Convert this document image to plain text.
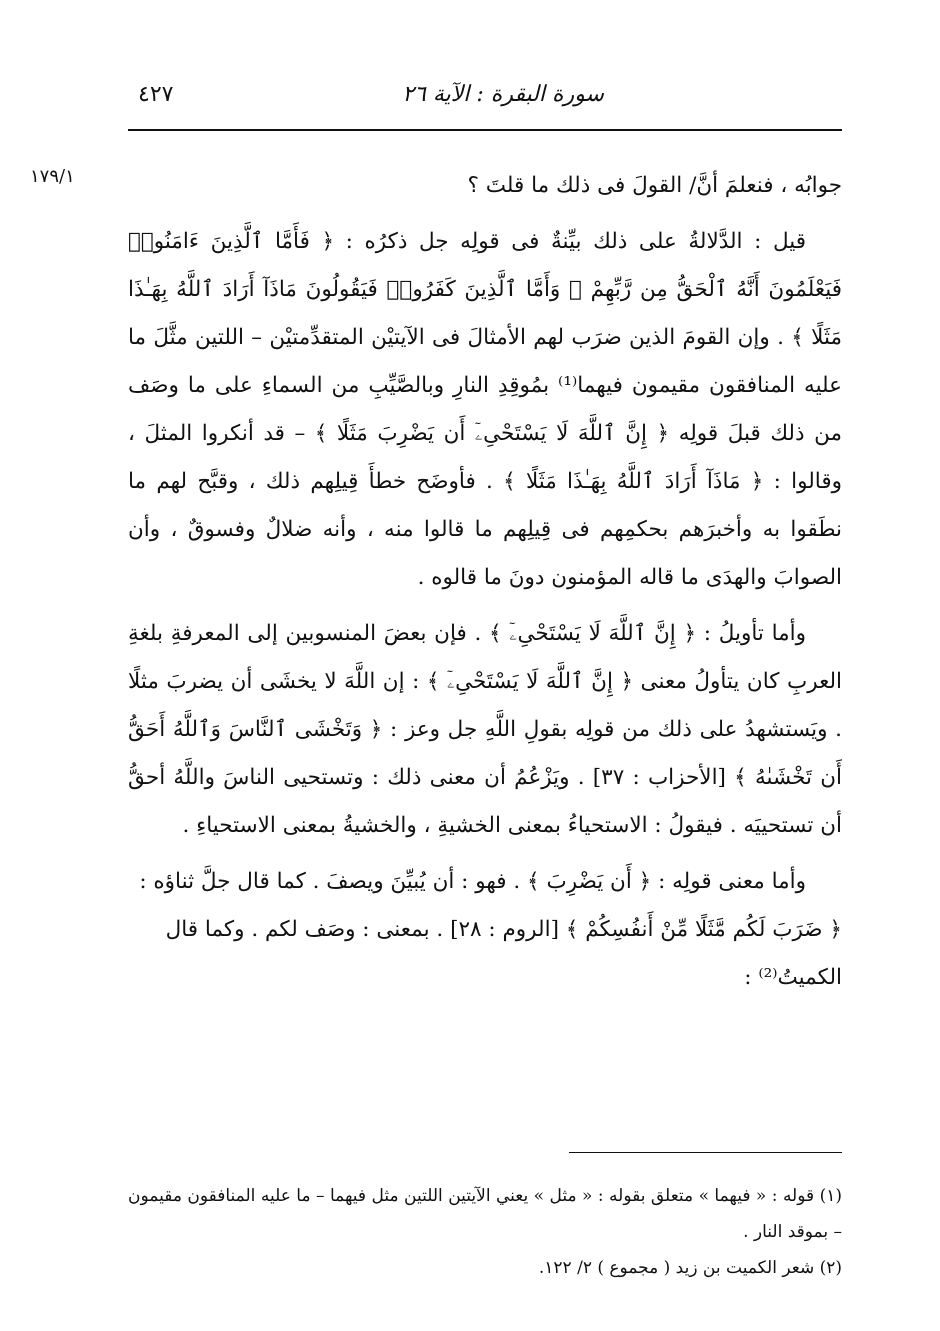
سورة البقرة : الآية ٢٦
٤٢٧
١٧٩/١	جوابُه ، فنعلمَ أنَّ/ القولَ فى ذلك ما قلتَ ؟

قيل : الدَّلالةُ على ذلك بيِّنةٌ فى قولِه جل ذكرُه : ﴿ فَأَمَّا ٱلَّذِينَ ءَامَنُوا۟ فَيَعْلَمُونَ أَنَّهُ ٱلْحَقُّ مِن رَّبِّهِمْ ۖ وَأَمَّا ٱلَّذِينَ كَفَرُوا۟ فَيَقُولُونَ مَاذَآ أَرَادَ ٱللَّهُ بِهَـٰذَا مَثَلًا ﴾ . وإن القومَ الذين ضرَب لهم الأمثالَ فى الآيتيْن المتقدِّمتيْن – اللتين مثَّلَ ما عليه المنافقون مقيمون فيهما⁽¹⁾ بمُوقِدِ النارِ وبالصَّيِّبِ من السماءِ على ما وصَف من ذلك قبلَ قولِه ﴿ إِنَّ ٱللَّهَ لَا يَسْتَحْىِۦٓ أَن يَضْرِبَ مَثَلًا ﴾ – قد أنكروا المثلَ ، وقالوا : ﴿ مَاذَآ أَرَادَ ٱللَّهُ بِهَـٰذَا مَثَلًا ﴾ . فأوضَح خطأَ قِيلِهم ذلك ، وقبَّح لهم ما نطَقوا به وأخبرَهم بحكمِهم فى قِيلِهم ما قالوا منه ، وأنه ضلالٌ وفسوقٌ ، وأن الصوابَ والهدَى ما قاله المؤمنون دونَ ما قالوه .

وأما تأويلُ : ﴿ إِنَّ ٱللَّهَ لَا يَسْتَحْىِۦٓ ﴾ . فإن بعضَ المنسوبين إلى المعرفةِ بلغةِ العربِ كان يتأولُ معنى ﴿ إِنَّ ٱللَّهَ لَا يَسْتَحْىِۦٓ ﴾ : إن اللَّهَ لا يخشَى أن يضربَ مثلًا . ويَستشهدُ على ذلك من قولِه بقولِ اللَّهِ جل وعز : ﴿ وَتَخْشَى ٱلنَّاسَ وَٱللَّهُ أَحَقُّ أَن تَخْشَىٰهُ ﴾ [الأحزاب : ٣٧] . ويَزْعُمُ أن معنى ذلك : وتستحيى الناسَ واللَّهُ أحقُّ أن تستحييَه . فيقولُ : الاستحياءُ بمعنى الخشيةِ ، والخشيةُ بمعنى الاستحياءِ .

وأما معنى قولِه : ﴿ أَن يَضْرِبَ ﴾ . فهو : أن يُبيِّنَ ويصفَ . كما قال جلَّ ثناؤه : ﴿ ضَرَبَ لَكُم مَّثَلًا مِّنْ أَنفُسِكُمْ ﴾ [الروم : ٢٨] . بمعنى : وصَف لكم . وكما قال الكميتُ⁽²⁾ :

(١) قوله : « فيهما » متعلق بقوله : « مثل » يعني الآيتين اللتين مثل فيهما – ما عليه المنافقون مقيمون – بموقد النار .

(٢) شعر الكميت بن زيد ( مجموع ) ٢/ ١٢٢.
